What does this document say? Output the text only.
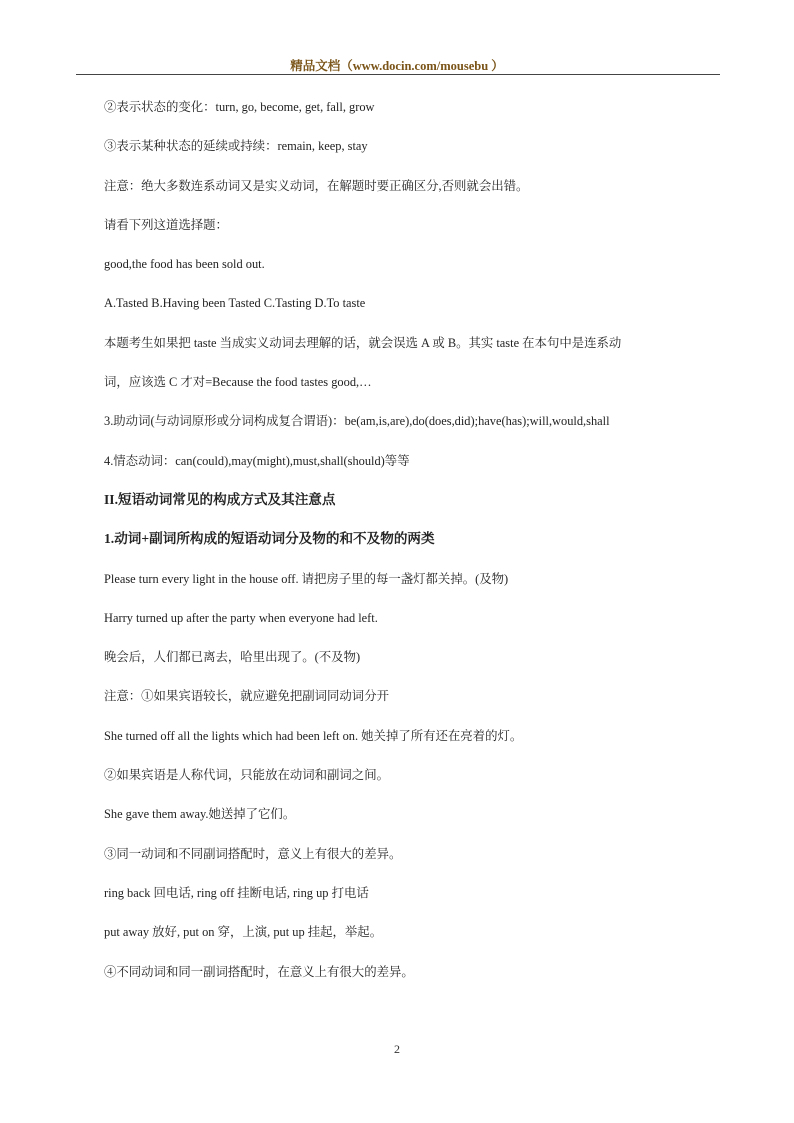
精品文档（www.docin.com/mousebu ）
②表示状态的变化：turn, go, become, get, fall, grow
③表示某种状态的延续或持续：remain, keep, stay
注意：绝大多数连系动词又是实义动词，在解题时要正确区分,否则就会出错。
请看下列这道选择题：
good,the food has been sold out.
A.Tasted B.Having been Tasted C.Tasting D.To taste
本题考生如果把 taste 当成实义动词去理解的话，就会误选 A 或 B。其实 taste 在本句中是连系动
词，应该选 C 才对=Because the food tastes good,…
3.助动词(与动词原形或分词构成复合谓语)：be(am,is,are),do(does,did);have(has);will,would,shall
4.情态动词：can(could),may(might),must,shall(should)等等
II.短语动词常见的构成方式及其注意点
1.动词+副词所构成的短语动词分及物的和不及物的两类
Please turn every light in the house off. 请把房子里的每一盏灯都关掉。(及物)
Harry turned up after the party when everyone had left.
晚会后，人们都已离去，哈里出现了。(不及物)
注意：①如果宾语较长，就应避免把副词同动词分开
She turned off all the lights which had been left on. 她关掉了所有还在亮着的灯。
②如果宾语是人称代词，只能放在动词和副词之间。
She gave them away.她送掉了它们。
③同一动词和不同副词搭配时，意义上有很大的差异。
ring back 回电话, ring off 挂断电话, ring up 打电话
put away 放好, put on 穿，上演, put up 挂起，举起。
④不同动词和同一副词搭配时，在意义上有很大的差异。
2
